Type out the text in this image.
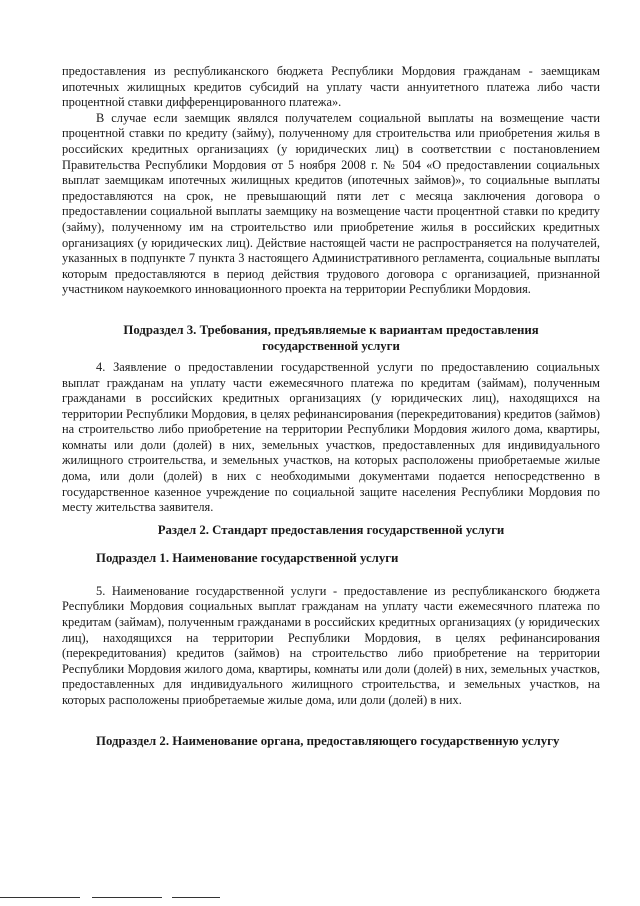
предоставления из республиканского бюджета Республики Мордовия гражданам - заемщикам ипотечных жилищных кредитов субсидий на уплату части аннуитетного платежа либо части процентной ставки дифференцированного платежа».

В случае если заемщик являлся получателем социальной выплаты на возмещение части процентной ставки по кредиту (займу), полученному для строительства или приобретения жилья в российских кредитных организациях (у юридических лиц) в соответствии с постановлением Правительства Республики Мордовия от 5 ноября 2008 г. № 504 «О предоставлении социальных выплат заемщикам ипотечных жилищных кредитов (ипотечных займов)», то социальные выплаты предоставляются на срок, не превышающий пяти лет с месяца заключения договора о предоставлении социальной выплаты заемщику на возмещение части процентной ставки по кредиту (займу), полученному им на строительство или приобретение жилья в российских кредитных организациях (у юридических лиц). Действие настоящей части не распространяется на получателей, указанных в подпункте 7 пункта 3 настоящего Административного регламента, социальные выплаты которым предоставляются в период действия трудового договора с организацией, признанной участником наукоемкого инновационного проекта на территории Республики Мордовия.

Подраздел 3. Требования, предъявляемые к вариантам предоставления

государственной услуги

4. Заявление о предоставлении государственной услуги по предоставлению социальных выплат гражданам на уплату части ежемесячного платежа по кредитам (займам), полученным гражданами в российских кредитных организациях (у юридических лиц), находящихся на территории Республики Мордовия, в целях рефинансирования (перекредитования) кредитов (займов) на строительство либо приобретение на территории Республики Мордовия жилого дома, квартиры, комнаты или доли (долей) в них, земельных участков, предоставленных для индивидуального жилищного строительства, и земельных участков, на которых расположены приобретаемые жилые дома, или доли (долей) в них с необходимыми документами подается непосредственно в государственное казенное учреждение по социальной защите населения Республики Мордовия по месту жительства заявителя.

Раздел 2. Стандарт предоставления государственной услуги

Подраздел 1. Наименование государственной услуги

5. Наименование государственной услуги - предоставление из республиканского бюджета Республики Мордовия социальных выплат гражданам на уплату части ежемесячного платежа по кредитам (займам), полученным гражданами в российских кредитных организациях (у юридических лиц), находящихся на территории Республики Мордовия, в целях рефинансирования (перекредитования) кредитов (займов) на строительство либо приобретение на территории Республики Мордовия жилого дома, квартиры, комнаты или доли (долей) в них, земельных участков, предоставленных для индивидуального жилищного строительства, и земельных участков, на которых расположены приобретаемые жилые дома, или доли (долей) в них.

Подраздел 2. Наименование органа, предоставляющего государственную услугу
